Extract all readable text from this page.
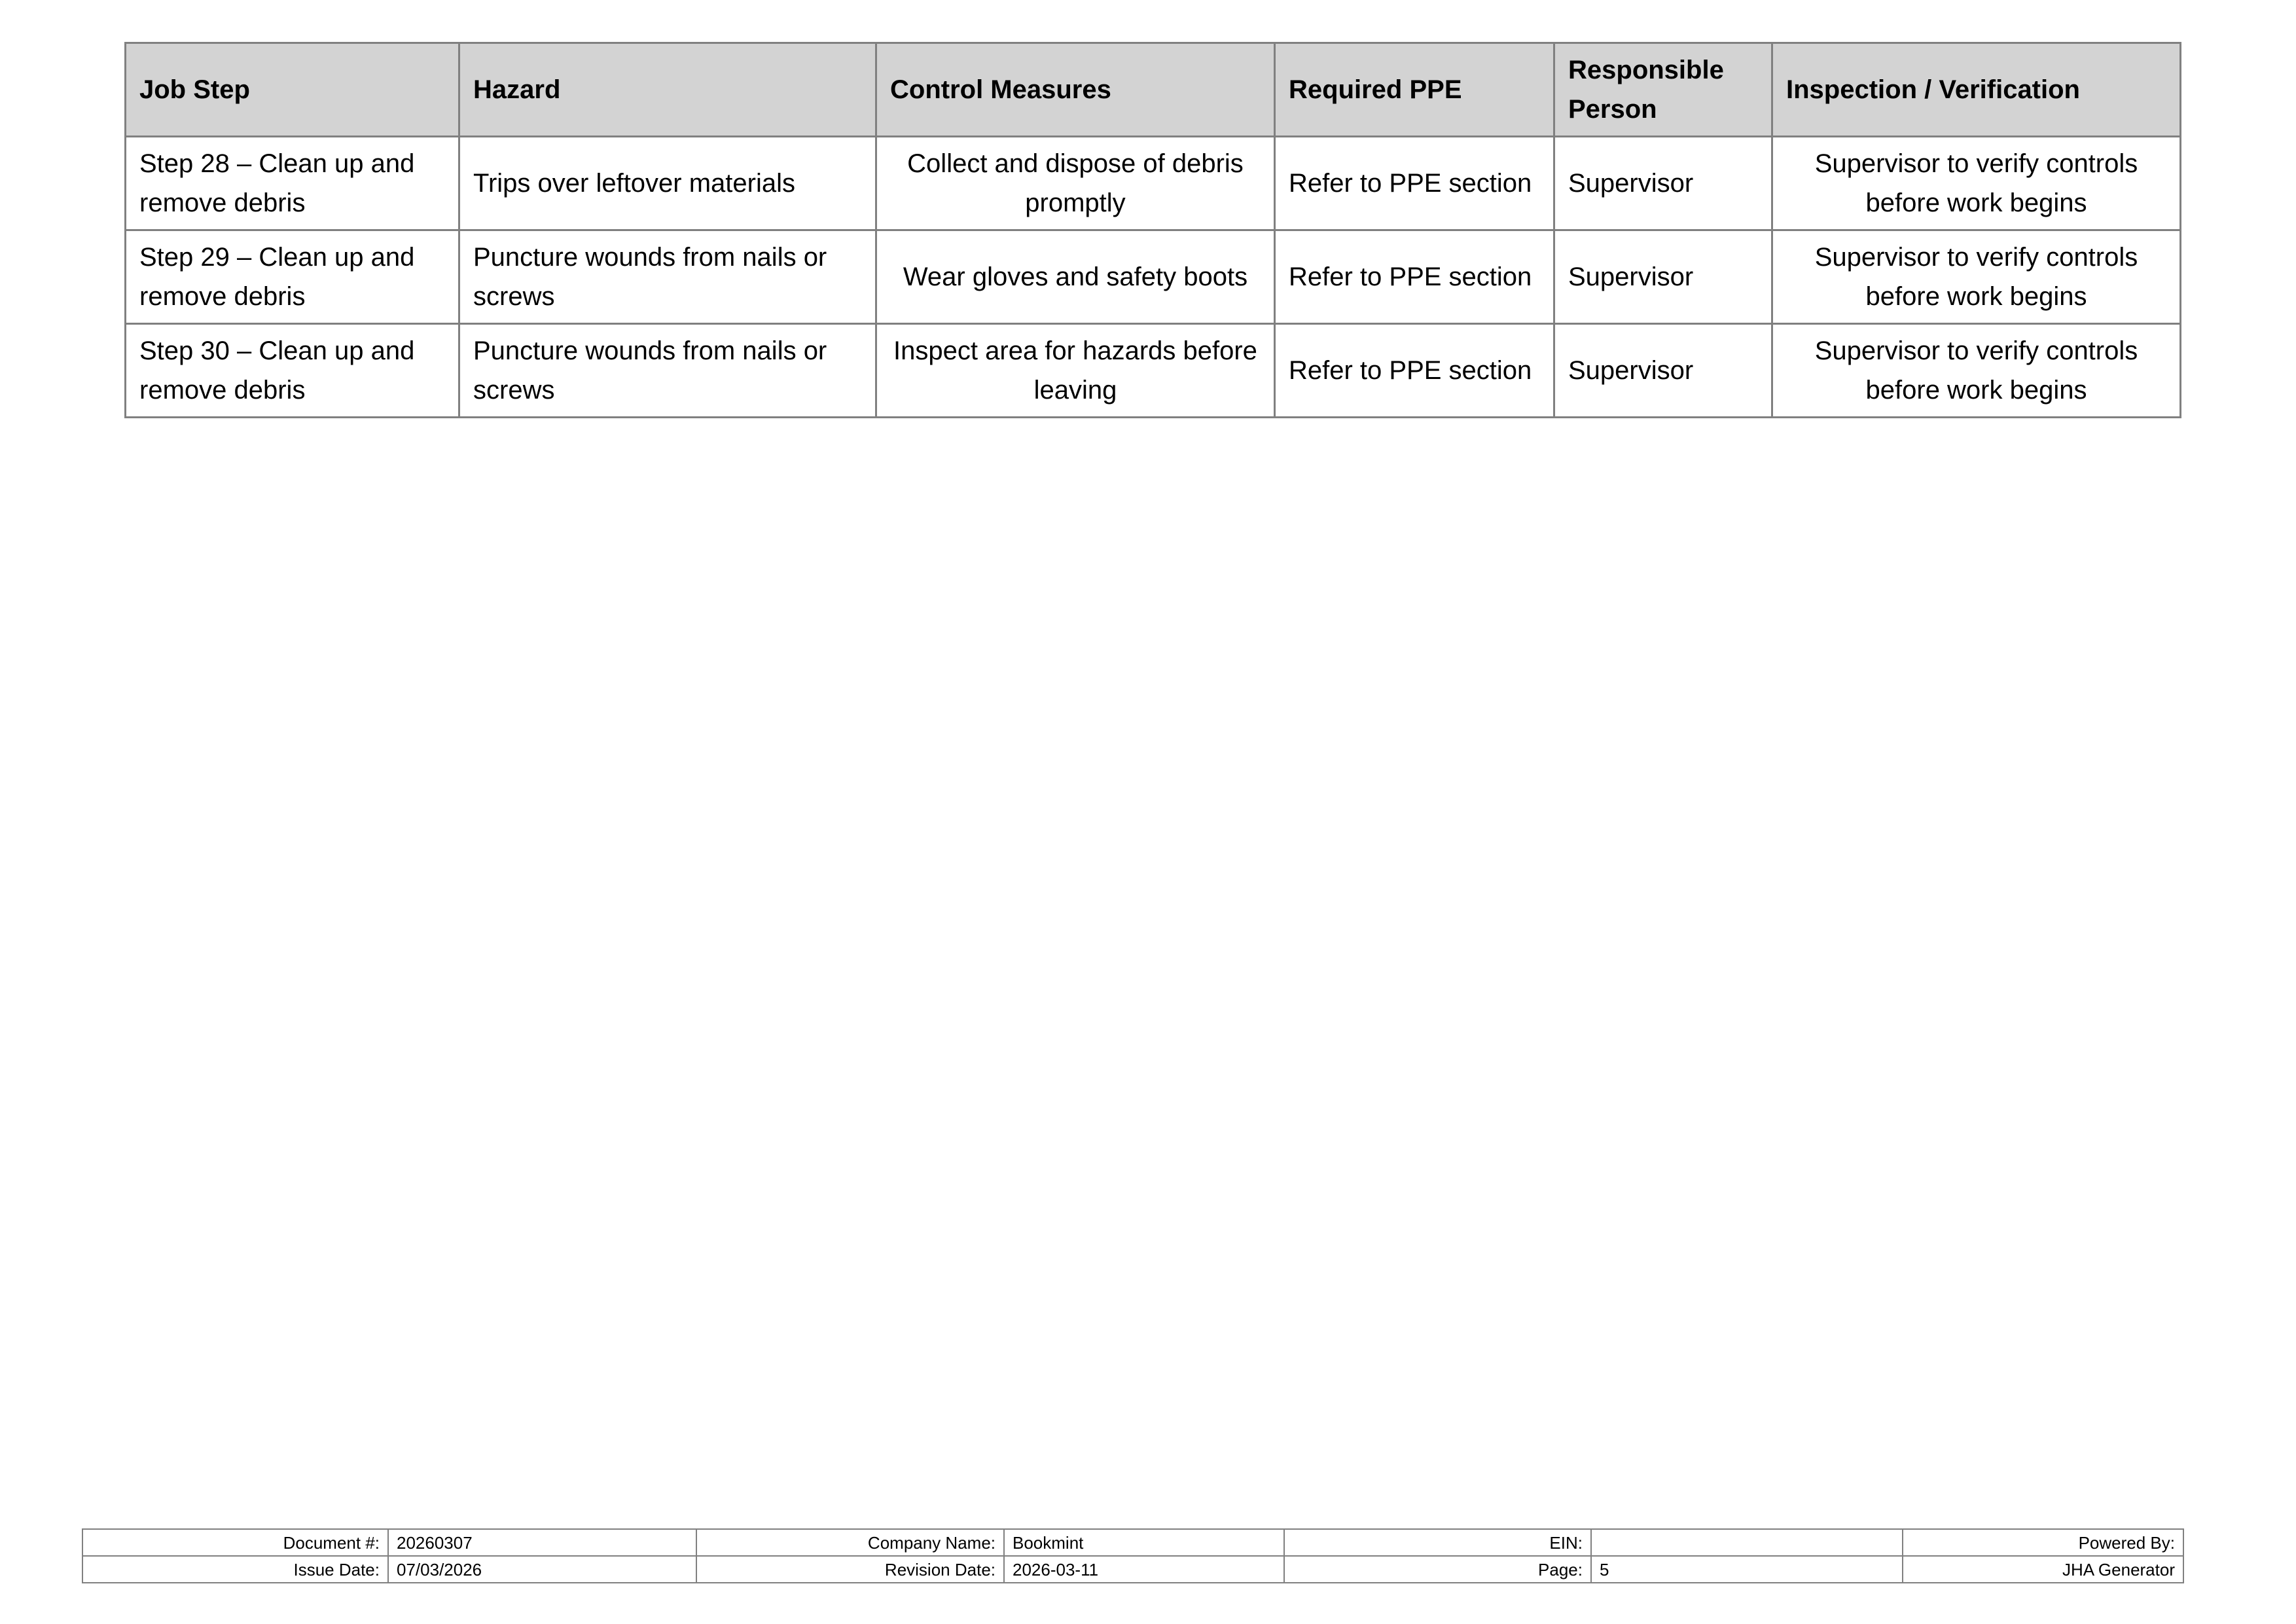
Job Step	Hazard	Control Measures	Required PPE	Responsible Person	Inspection / Verification
Step 28 – Clean up and remove debris	Trips over leftover materials	Collect and dispose of debris promptly	Refer to PPE section	Supervisor	Supervisor to verify controls before work begins
Step 29 – Clean up and remove debris	Puncture wounds from nails or screws	Wear gloves and safety boots	Refer to PPE section	Supervisor	Supervisor to verify controls before work begins
Step 30 – Clean up and remove debris	Puncture wounds from nails or screws	Inspect area for hazards before leaving	Refer to PPE section	Supervisor	Supervisor to verify controls before work begins
Document #:	20260307	Company Name:	Bookmint	EIN:		Powered By:
Issue Date:	07/03/2026	Revision Date:	2026-03-11	Page:	5	JHA Generator
